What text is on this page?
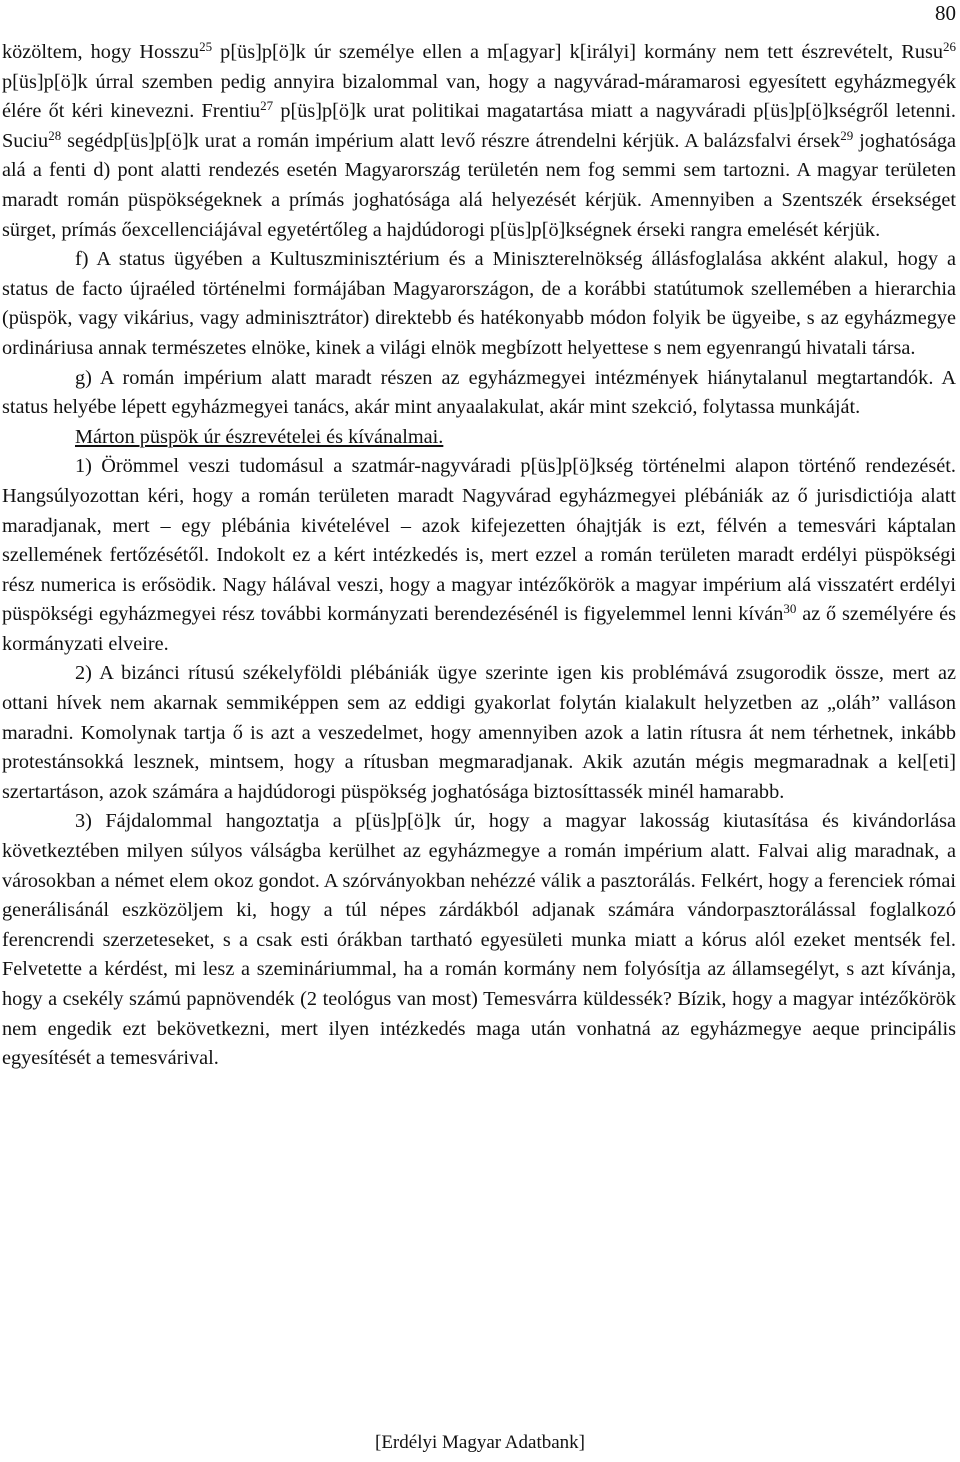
80

közöltem, hogy Hosszu$^{25}$ p[üs]p[ö]k úr személye ellen a m[agyar] k[irályi] kormány nem tett észrevételt, Rusu$^{26}$ p[üs]p[ö]k úrral szemben pedig annyira bizalommal van, hogy a nagyvárad-máramarosi egyesített egyházmegyék élére őt kéri kinevezni. Frentiu$^{27}$ p[üs]p[ö]k urat politikai magatartása miatt a nagyváradi p[üs]p[ö]kségről letenni. Suciu$^{28}$ segédp[üs]p[ö]k urat a román impérium alatt levő részre átrendelni kérjük. A balázsfalvi érsek$^{29}$ joghatósága alá a fenti d) pont alatti rendezés esetén Magyarország területén nem fog semmi sem tartozni. A magyar területen maradt román püspökségeknek a prímás joghatósága alá helyezését kérjük. Amennyiben a Szentszék érsekséget sürget, prímás őexcellenciájával egyetértőleg a hajdúdorogi p[üs]p[ö]kségnek érseki rangra emelését kérjük.

f) A status ügyében a Kultuszminisztérium és a Miniszterelnökség állásfoglalása akként alakul, hogy a status de facto újraéled történelmi formájában Magyarországon, de a korábbi statútumok szellemében a hierarchia (püspök, vagy vikárius, vagy adminisztrátor) direktebb és hatékonyabb módon folyik be ügyeibe, s az egyházmegye ordináriusa annak természetes elnöke, kinek a világi elnök megbízott helyettese s nem egyenrangú hivatali társa.

g) A román impérium alatt maradt részen az egyházmegyei intézmények hiánytalanul megtartandók. A status helyébe lépett egyházmegyei tanács, akár mint anyaalakulat, akár mint szekció, folytassa munkáját.

Márton püspök úr észrevételei és kívánalmai.

1) Örömmel veszi tudomásul a szatmár-nagyváradi p[üs]p[ö]kség történelmi alapon történő rendezését. Hangsúlyozottan kéri, hogy a román területen maradt Nagyvárad egyházmegyei plébániák az ő jurisdictiója alatt maradjanak, mert – egy plébánia kivételével – azok kifejezetten óhajtják is ezt, félvén a temesvári káptalan szellemének fertőzésétől. Indokolt ez a kért intézkedés is, mert ezzel a román területen maradt erdélyi püspökségi rész numerica is erősödik. Nagy hálával veszi, hogy a magyar intézőkörök a magyar impérium alá visszatért erdélyi püspökségi egyházmegyei rész további kormányzati berendezésénél is figyelemmel lenni kíván$^{30}$ az ő személyére és kormányzati elveire.

2) A bizánci rítusú székelyföldi plébániák ügye szerinte igen kis problémává zsugorodik össze, mert az ottani hívek nem akarnak semmiképpen sem az eddigi gyakorlat folytán kialakult helyzetben az „oláh” valláson maradni. Komolynak tartja ő is azt a veszedelmet, hogy amennyiben azok a latin rítusra át nem térhetnek, inkább protestánsokká lesznek, mintsem, hogy a rítusban megmaradjanak. Akik azután mégis megmaradnak a kel[eti] szertartáson, azok számára a hajdúdorogi püspökség joghatósága biztosíttassék minél hamarabb.

3) Fájdalommal hangoztatja a p[üs]p[ö]k úr, hogy a magyar lakosság kiutasítása és kivándorlása következtében milyen súlyos válságba kerülhet az egyházmegye a román impérium alatt. Falvai alig maradnak, a városokban a német elem okoz gondot. A szórványokban nehézzé válik a pasztorálás. Felkért, hogy a ferenciek római generálisánál eszközöljem ki, hogy a túl népes zárdákból adjanak számára vándorpasztorálással foglalkozó ferencrendi szerzeteseket, s a csak esti órákban tartható egyesületi munka miatt a kórus alól ezeket mentsék fel. Felvetette a kérdést, mi lesz a szemináriummal, ha a román kormány nem folyósítja az államsegélyt, s azt kívánja, hogy a csekély számú papnövendék (2 teológus van most) Temesvárra küldessék? Bízik, hogy a magyar intézőkörök nem engedik ezt bekövetkezni, mert ilyen intézkedés maga után vonhatná az egyházmegye aeque principális egyesítését a temesvárival.

[Erdélyi Magyar Adatbank]
